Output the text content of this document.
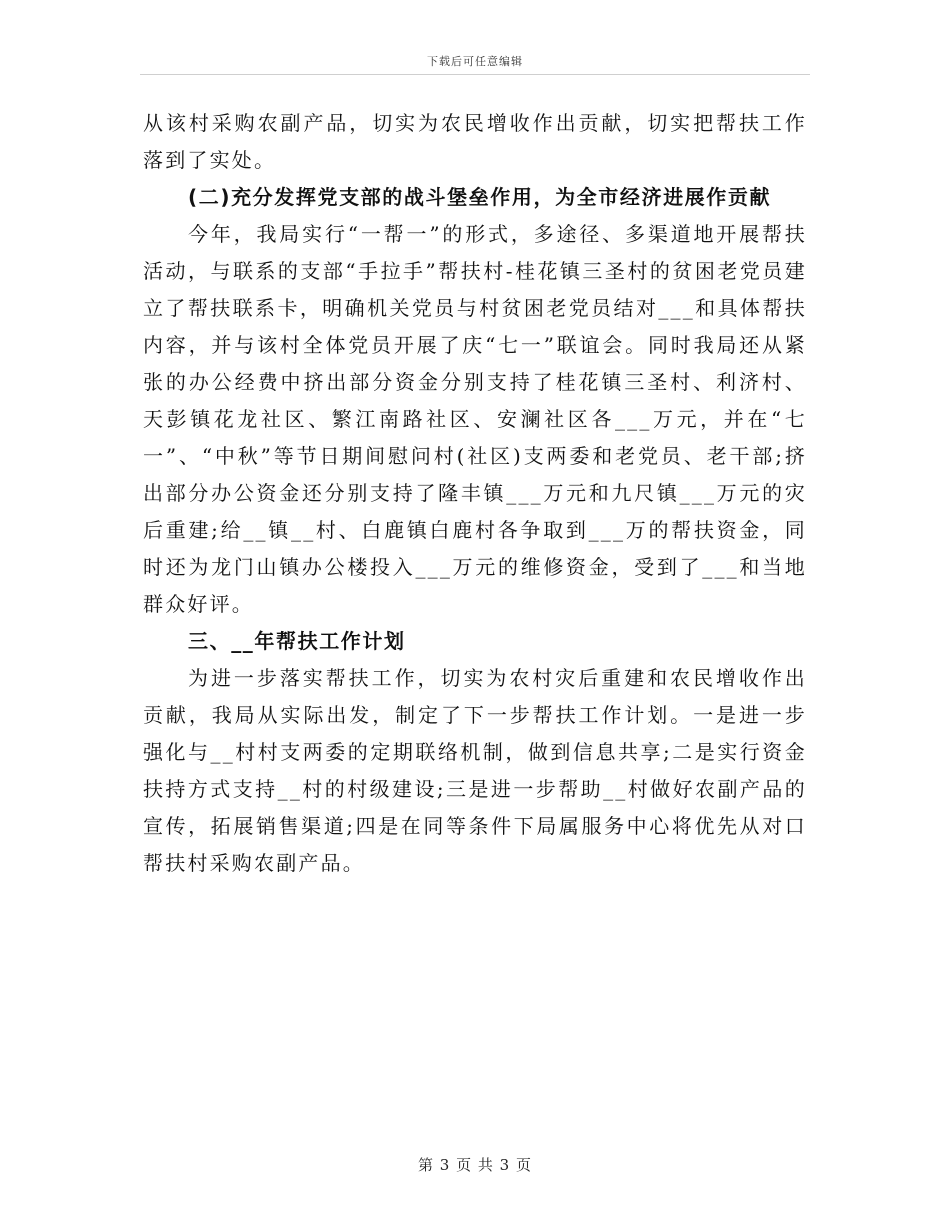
下载后可任意编辑

从该村采购农副产品，切实为农民增收作出贡献，切实把帮扶工作落到了实处。

(二)充分发挥党支部的战斗堡垒作用，为全市经济进展作贡献

今年，我局实行“一帮一”的形式，多途径、多渠道地开展帮扶活动，与联系的支部“手拉手”帮扶村-桂花镇三圣村的贫困老党员建立了帮扶联系卡，明确机关党员与村贫困老党员结对___和具体帮扶内容，并与该村全体党员开展了庆“七一”联谊会。同时我局还从紧张的办公经费中挤出部分资金分别支持了桂花镇三圣村、利济村、天彭镇花龙社区、繁江南路社区、安澜社区各___万元，并在“七一”、“中秋”等节日期间慰问村(社区)支两委和老党员、老干部;挤出部分办公资金还分别支持了隆丰镇___万元和九尺镇___万元的灾后重建;给__镇__村、白鹿镇白鹿村各争取到___万的帮扶资金，同时还为龙门山镇办公楼投入___万元的维修资金，受到了___和当地群众好评。

三、__年帮扶工作计划

为进一步落实帮扶工作，切实为农村灾后重建和农民增收作出贡献，我局从实际出发，制定了下一步帮扶工作计划。一是进一步强化与__村村支两委的定期联络机制，做到信息共享;二是实行资金扶持方式支持__村的村级建设;三是进一步帮助__村做好农副产品的宣传，拓展销售渠道;四是在同等条件下局属服务中心将优先从对口帮扶村采购农副产品。

第 3 页 共 3 页
